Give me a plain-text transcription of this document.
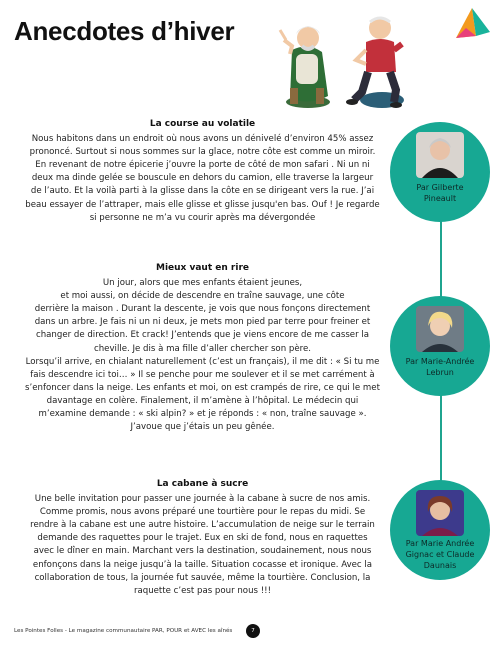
Anecdotes d’hiver
La course au volatile
Nous habitons dans un endroit où nous avons un dénivelé d’environ 45% assez
prononcé. Surtout si nous sommes sur la glace, notre côte est comme un miroir.
En revenant de notre épicerie j’ouvre la porte de côté de mon safari . Ni un ni
deux ma dinde gelée se bouscule en dehors du camion, elle traverse la largeur
de l’auto. Et la voilà parti à la glisse dans la côte en se dirigeant vers la rue. J’ai
beau essayer de l’attraper, mais elle glisse et glisse jusqu'en bas. Ouf ! Je regarde
si personne ne m’a vu courir après ma dévergondée
Mieux vaut en rire
Un jour, alors que mes enfants étaient jeunes,
et moi aussi, on décide de descendre en traîne sauvage, une côte
derrière la maison . Durant la descente, je vois que nous fonçons directement
dans un arbre. Je fais ni un ni deux, je mets mon pied par terre pour freiner et
changer de direction. Et crack! J’entends que je viens encore de me casser la
cheville. Je dis à ma fille d’aller chercher son père.
Lorsqu’il arrive, en chialant naturellement (c’est un français), il me dit : « Si tu me
fais descendre ici toi… » Il se penche pour me soulever et il se met carrément à
s’enfoncer dans la neige. Les enfants et moi, on est crampés de rire, ce qui le met
davantage en colère. Finalement, il m’amène à l’hôpital. Le médecin qui
m’examine demande : « ski alpin? » et je réponds : « non, traîne sauvage ».
J’avoue que j’étais un peu gênée.
La cabane à sucre
Une belle invitation pour passer une journée à la cabane à sucre de nos amis.
Comme promis, nous avons préparé une tourtière pour le repas du midi. Se
rendre à la cabane est une autre histoire. L’accumulation de neige sur le terrain
demande des raquettes pour le trajet. Eux en ski de fond, nous en raquettes
avec le dîner en main. Marchant vers la destination, soudainement, nous nous
enfonçons dans la neige jusqu’à la taille. Situation cocasse et ironique. Avec la
collaboration de tous, la journée fut sauvée, même la tourtière. Conclusion, la
raquette c’est pas pour nous !!!
Par Gilberte
Pineault
Par Marie-Andrée
Lebrun
Par Marie Andrée
Gignac et Claude
Daunais
Les Pointes Folles - Le magazine communautaire PAR, POUR et AVEC les aînés	7
